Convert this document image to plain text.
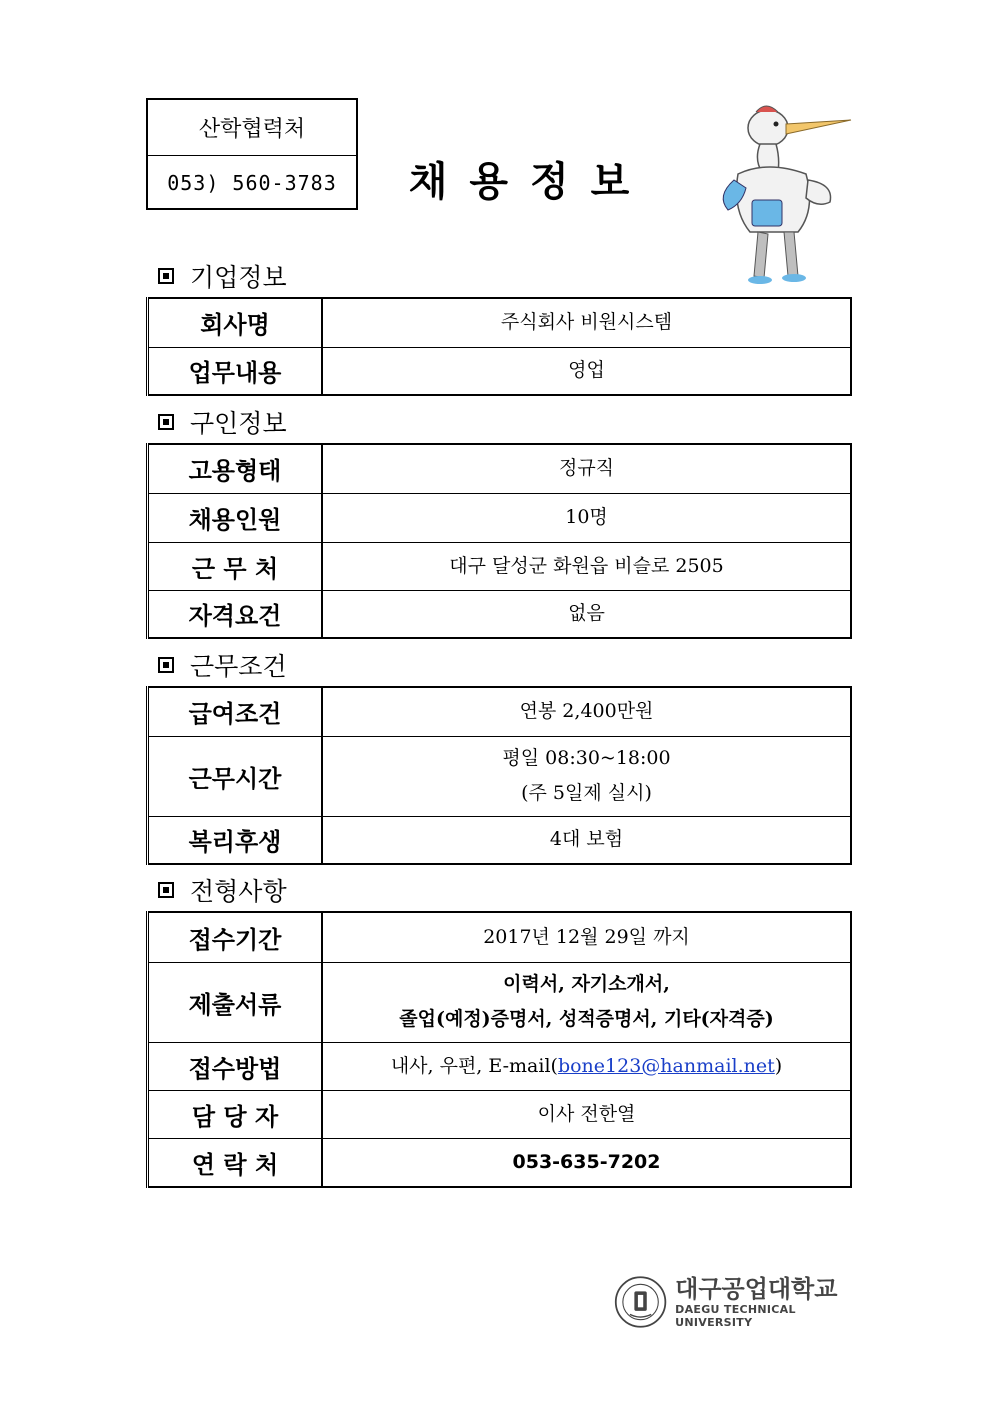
산학협력처
053) 560-3783	채용정보
기업정보
회사명	주식회사 비원시스템
업무내용	영업
구인정보
고용형태	정규직
채용인원	10명
근 무 처	대구 달성군 화원읍 비슬로 2505
자격요건	없음
근무조건
급여조건	연봉 2,400만원
근무시간	평일 08:30~18:00
(주 5일제 실시)

복리후생	4대 보험
전형사항
접수기간	2017년 12월 29일 까지
제출서류	이력서, 자기소개서,
졸업(예정)증명서, 성적증명서, 기타(자격증)

접수방법	내사, 우편, E-mail(bone123@hanmail.net)
담 당 자	이사 전한열
연 락 처	053-635-7202
대구공업대학교
DAEGU TECHNICAL UNIVERSITY
